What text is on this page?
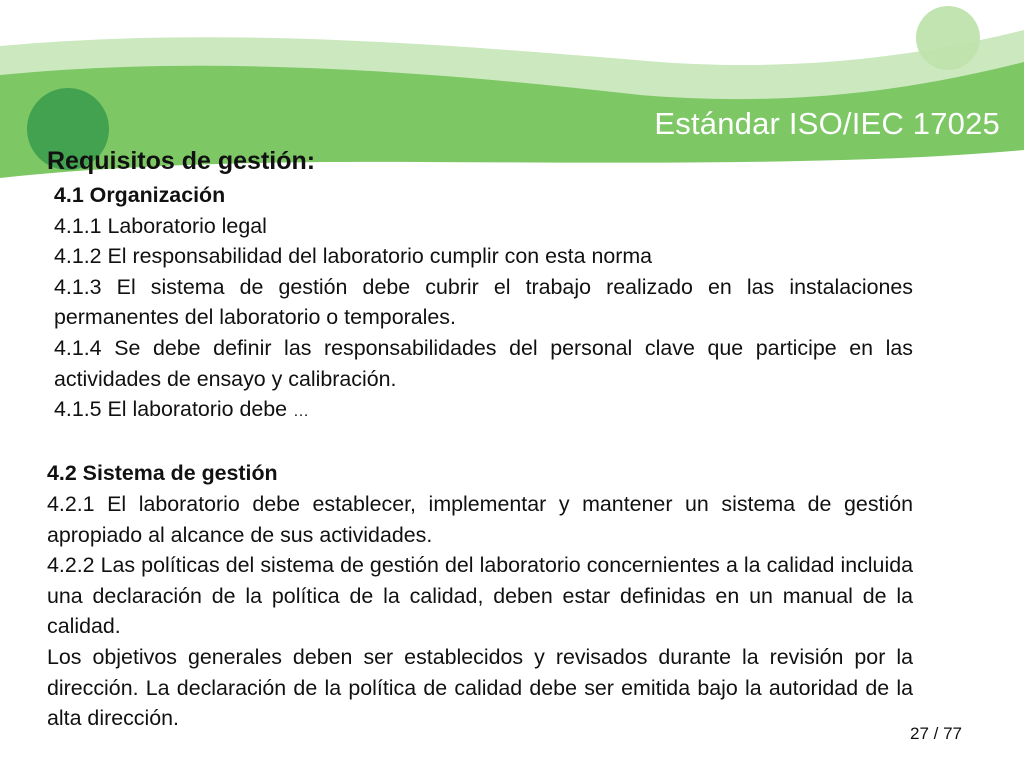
Estándar ISO/IEC 17025

Requisitos de gestión:

4.1 Organización

4.1.1 Laboratorio legal

4.1.2 El responsabilidad del laboratorio cumplir con esta norma

4.1.3 El sistema de gestión debe cubrir el trabajo realizado en las instalaciones permanentes del laboratorio o temporales.

4.1.4 Se debe definir las responsabilidades del personal clave que participe en las actividades de ensayo y calibración.

4.1.5 El laboratorio debe …

4.2 Sistema de gestión

4.2.1 El laboratorio debe establecer, implementar y mantener un sistema de gestión apropiado al alcance de sus actividades.

4.2.2 Las políticas del sistema de gestión del laboratorio concernientes a la calidad incluida una declaración de la política de la calidad, deben estar definidas en un manual de la calidad.

Los objetivos generales deben ser establecidos y revisados durante la revisión por la dirección. La declaración de la política de calidad debe ser emitida bajo la autoridad de la alta dirección.

27 / 77
